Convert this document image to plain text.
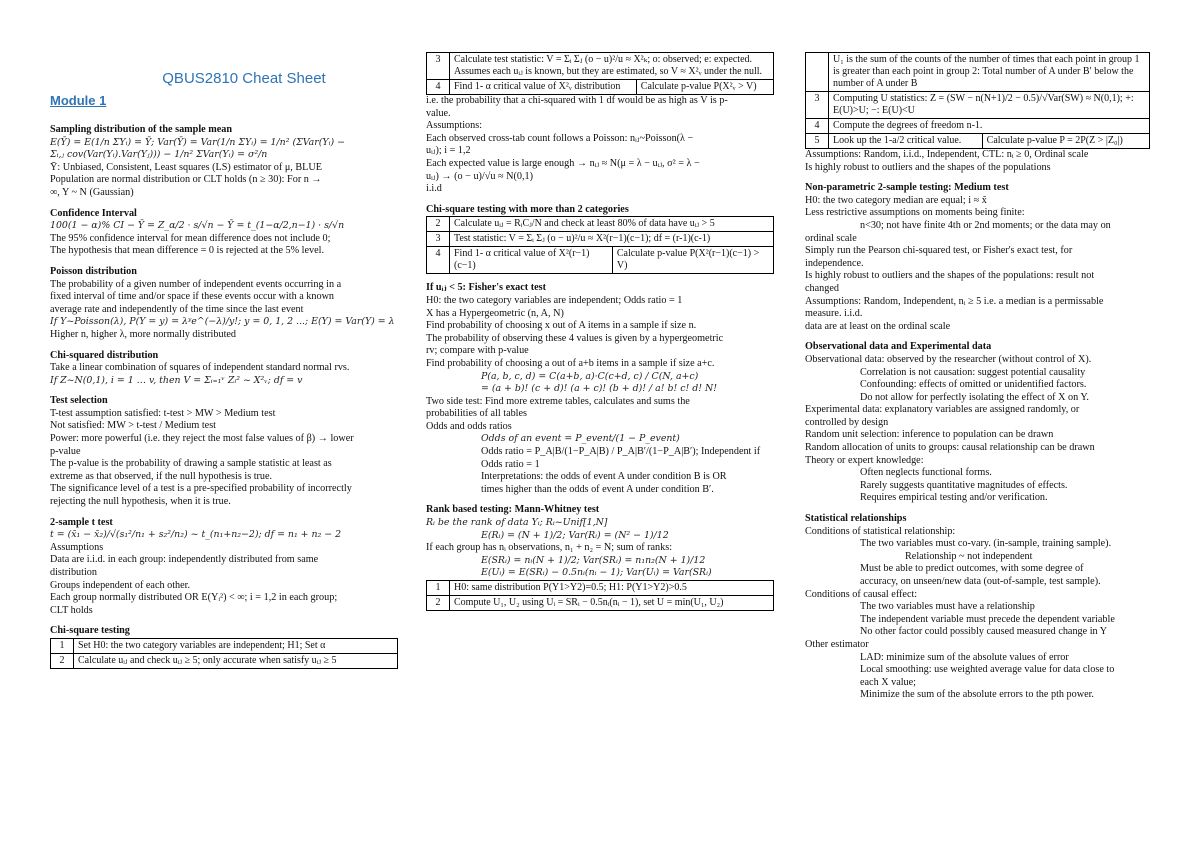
QBUS2810 Cheat Sheet
Module 1
Sampling distribution of the sample mean
E(Ȳ) = E(1/n ΣYᵢ) = Ȳ; Var(Ȳ) = Var(1/n ΣYᵢ) = 1/n² (ΣVar(Yᵢ) −
Σᵢ,ⱼ cov(Var(Yᵢ).Var(Yⱼ))) − 1/n² ΣVar(Yᵢ) = σ²/n
Ȳ: Unbiased, Consistent, Least squares (LS) estimator of μ, BLUE
Population are normal distribution or CLT holds (n ≥ 30): For n →
∞, Y ~ N (Gaussian)
Confidence Interval
100(1 − α)% CI − Ȳ = Z_α/2 · s/√n − Ȳ = t_(1−α/2,n−1) · s/√n
The 95% confidence interval for mean difference does not include 0;
The hypothesis that mean difference = 0 is rejected at the 5% level.
Poisson distribution
The probability of a given number of independent events occurring in a
fixed interval of time and/or space if these events occur with a known
average rate and independently of the time since the last event
If Y~Poisson(λ), P(Y = y) = λʸe^(−λ)/y!; y = 0, 1, 2 ...; E(Y) = Var(Y) = λ
Higher n, higher λ, more normally distributed
Chi-squared distribution
Take a linear combination of squares of independent standard normal rvs.
If Z~N(0,1), i = 1 … v, then V = Σᵢ₌₁ᵛ Zᵢ² ~ X²ᵥ; df = v
Test selection
T-test assumption satisfied: t-test > MW > Medium test
Not satisfied: MW > t-test / Medium test
Power: more powerful (i.e. they reject the most false values of β) → lower
p-value
The p-value is the probability of drawing a sample statistic at least as
extreme as that observed, if the null hypothesis is true.
The significance level of a test is a pre-specified probability of incorrectly
rejecting the null hypothesis, when it is true.
2-sample t test
t = (x̄₁ − x̄₂)/√(s₁²/n₁ + s₂²/n₂) ~ t_(n₁+n₂−2); df = n₁ + n₂ − 2
Assumptions
Data are i.i.d. in each group: independently distributed from same
distribution
Groups independent of each other.
Each group normally distributed OR E(Yᵢ²) < ∞; i = 1,2 in each group;
CLT holds
Chi-square testing
1	Set H0: the two category variables are independent; H1; Set α
2	Calculate uᵢⱼ and check uᵢⱼ ≥ 5; only accurate when satisfy uᵢⱼ ≥ 5
3	Calculate test statistic: V = Σᵢ Σⱼ (o − u)²/u ≈ X²ₖ; o: observed; e: expected. Assumes each uᵢⱼ is known, but they are estimated, so V ≈ X²ᵥ under the null.	
4	Find 1- α critical value of X²ᵥ distribution	Calculate p-value P(X²ᵥ > V)
i.e. the probability that a chi-squared with 1 df would be as high as V is p-
value.
Assumptions:
Each observed cross-tab count follows a Poisson: nᵢⱼ~Poisson(λ −
uᵢⱼ); i = 1,2
Each expected value is large enough → nᵢⱼ ≈ N(μ = λ − uᵢⱼ, σ² = λ −
uᵢⱼ) → (o − u)/√u ≈ N(0,1)
i.i.d
Chi-square testing with more than 2 categories
2	Calculate uᵢⱼ = RᵢCⱼ/N and check at least 80% of data have uᵢⱼ > 5	
3	Test statistic: V = Σᵢ Σⱼ (o − u)²/u ≈ X²(r−1)(c−1); df = (r-1)(c-1)	
4	Find 1- α critical value of X²(r−1)(c−1)	Calculate p-value P(X²(r−1)(c−1) > V)
If uᵢⱼ < 5: Fisher's exact test
H0: the two category variables are independent; Odds ratio = 1
X has a Hypergeometric (n, A, N)
Find probability of choosing x out of A items in a sample if size n.
The probability of observing these 4 values is given by a hypergeometric
rv; compare with p-value
Find probability of choosing a out of a+b items in a sample if size a+c.
P(a, b, c, d) = C(a+b, a)·C(c+d, c) / C(N, a+c)
= (a + b)! (c + d)! (a + c)! (b + d)! / a! b! c! d! N!
Two side test: Find more extreme tables, calculates and sums the
probabilities of all tables
Odds and odds ratios
Odds of an event = P_event/(1 − P_event)
Odds ratio = P_A|B/(1−P_A|B) / P_A|B′/(1−P_A|B′); Independent if Odds ratio = 1
Interpretations: the odds of event A under condition B is OR
times higher than the odds of event A under condition B′.
Rank based testing: Mann-Whitney test
Rᵢ be the rank of data Yᵢ; Rᵢ~Unif[1,N]
E(Rᵢ) = (N + 1)/2; Var(Rᵢ) = (N² − 1)/12
If each group has nᵢ observations, n₁ + n₂ = N; sum of ranks:
E(SRᵢ) = nᵢ(N + 1)/2; Var(SRᵢ) = n₁n₂(N + 1)/12
E(Uᵢ) = E(SRᵢ) − 0.5nᵢ(nᵢ − 1); Var(Uᵢ) = Var(SRᵢ)
1	H0: same distribution P(Y1>Y2)=0.5; H1: P(Y1>Y2)>0.5
2	Compute U₁, U₂ using Uᵢ = SRᵢ − 0.5nᵢ(nᵢ − 1), set U = min(U₁, U₂)
	U₁ is the sum of the counts of the number of times that each point in group 1 is greater than each point in group 2: Total number of A under B′ below the number of A under B	
3	Computing U statistics: Z = (SW − n(N+1)/2 − 0.5)/√Var(SW) ≈ N(0,1); +: E(U)>U; −: E(U)<U	
4	Compute the degrees of freedom n-1.	
5	Look up the 1-a/2 critical value.	Calculate p-value P = 2P(Z > |Z₀|)
Assumptions: Random, i.i.d., Independent, CTL: nᵢ ≥ 0, Ordinal scale
Is highly robust to outliers and the shapes of the populations
Non-parametric 2-sample testing: Medium test
H0: the two category median are equal; i ≈ x̃
Less restrictive assumptions on moments being finite:
n<30; not have finite 4th or 2nd moments; or the data may on
ordinal scale
Simply run the Pearson chi-squared test, or Fisher's exact test, for
independence.
Is highly robust to outliers and the shapes of the populations: result not
changed
Assumptions: Random, Independent, nᵢ ≥ 5 i.e. a median is a permissable
measure. i.i.d.
data are at least on the ordinal scale
Observational data and Experimental data
Observational data: observed by the researcher (without control of X).
Correlation is not causation: suggest potential causality
Confounding: effects of omitted or unidentified factors.
Do not allow for perfectly isolating the effect of X on Y.
Experimental data: explanatory variables are assigned randomly, or
controlled by design
Random unit selection: inference to population can be drawn
Random allocation of units to groups: causal relationship can be drawn
Theory or expert knowledge:
Often neglects functional forms.
Rarely suggests quantitative magnitudes of effects.
Requires empirical testing and/or verification.
Statistical relationships
Conditions of statistical relationship:
The two variables must co-vary. (in-sample, training sample).
Relationship ~ not independent
Must be able to predict outcomes, with some degree of
accuracy, on unseen/new data (out-of-sample, test sample).
Conditions of causal effect:
The two variables must have a relationship
The independent variable must precede the dependent variable
No other factor could possibly caused measured change in Y
Other estimator
LAD: minimize sum of the absolute values of error
Local smoothing: use weighted average value for data close to
each X value;
Minimize the sum of the absolute errors to the pth power.
